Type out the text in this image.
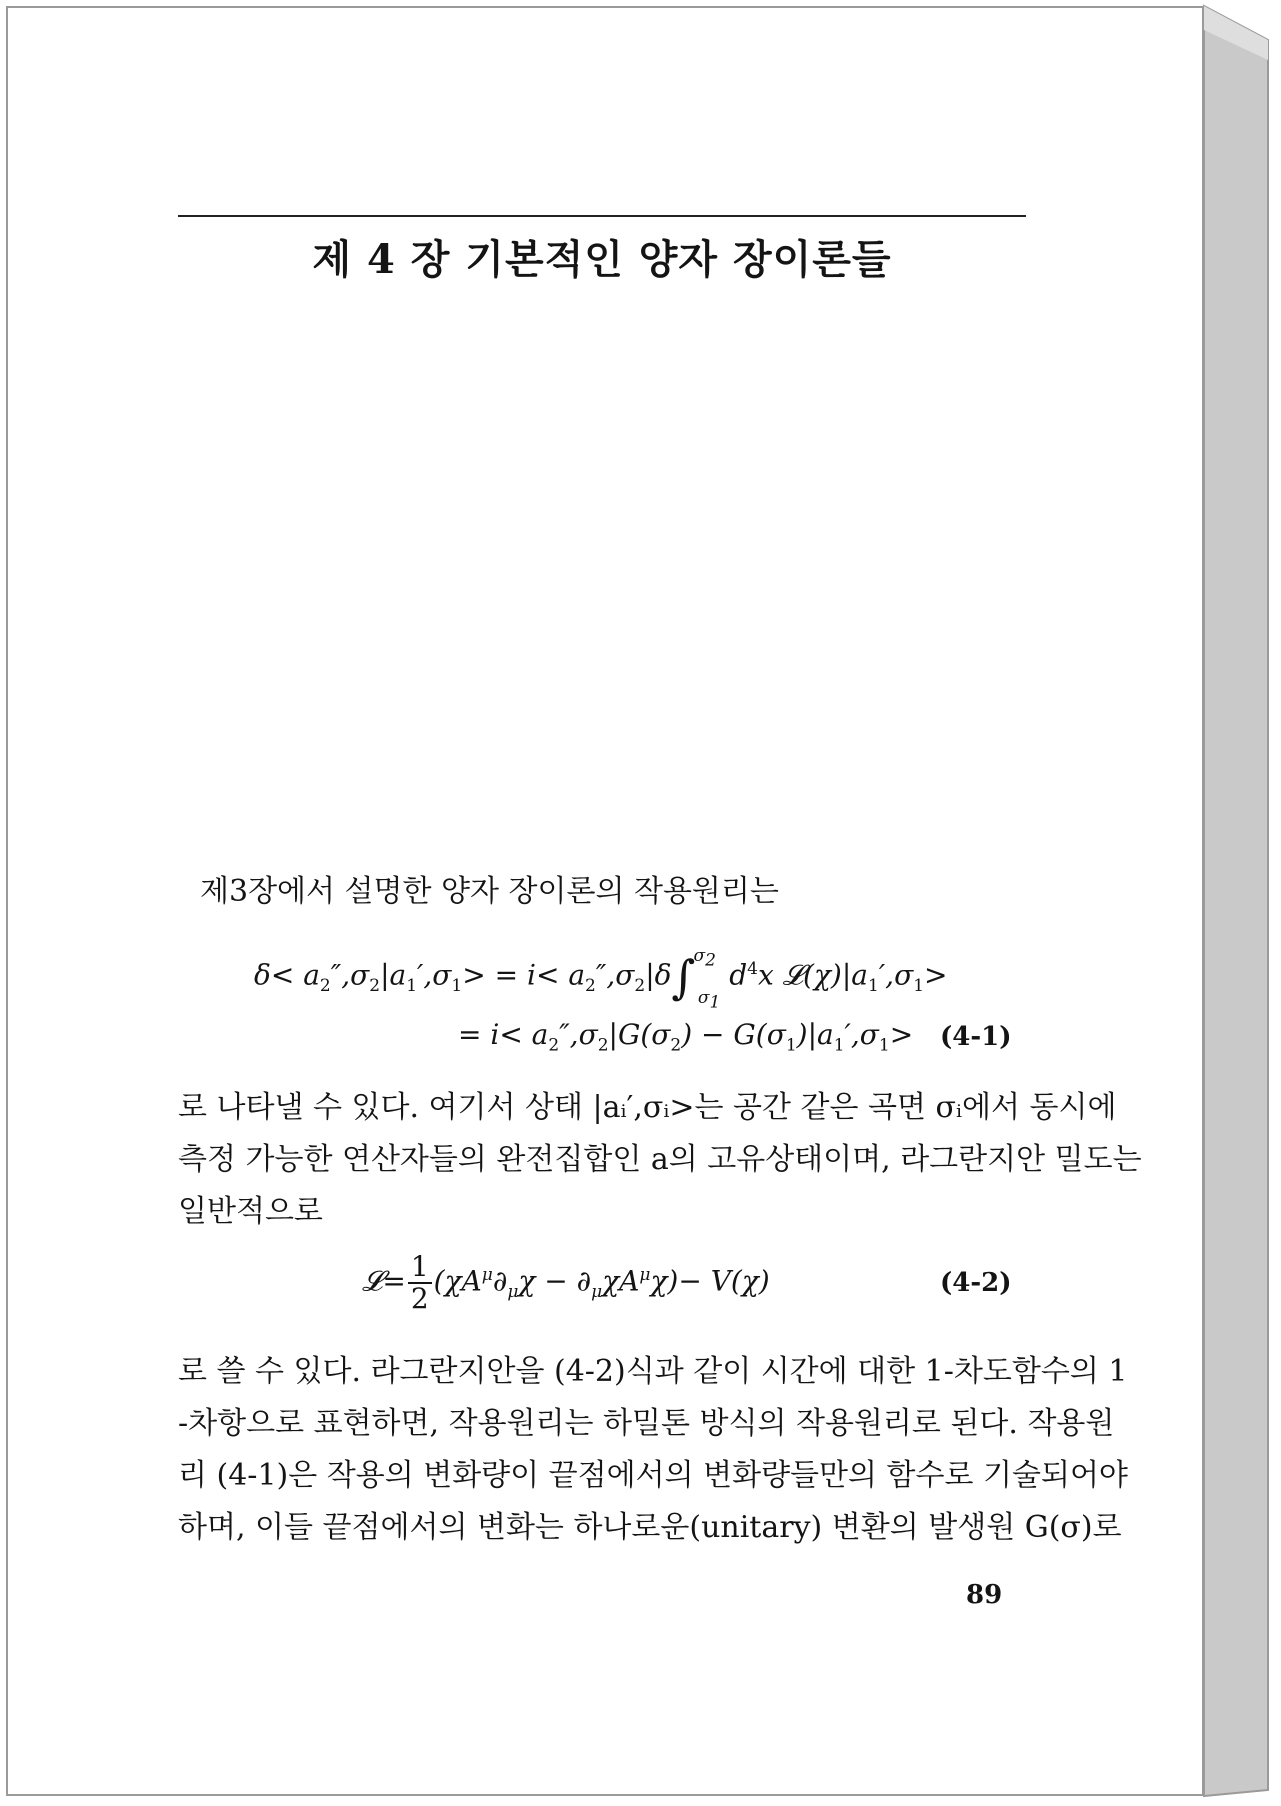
제 4 장 기본적인 양자 장이론들
제3장에서 설명한 양자 장이론의 작용원리는
$\delta< a_2'',\sigma_2|a_1',\sigma_1> = i< a_2'',\sigma_2|\delta\int^{\sigma_2}_{\sigma_1}$ $d^4x$ $𝓛(\chi)|a_1',\sigma_1>$
= $i< a_2'',\sigma_2|G(\sigma_2) - G(\sigma_1)|a_1',\sigma_1> (4-1)$
로 나타낼 수 있다. 여기서 상태 |aᵢ′,σᵢ>는 공간 같은 곡면 σᵢ에서 동시에
측정 가능한 연산자들의 완전집합인 a의 고유상태이며, 라그란지안 밀도는
일반적으로
𝓛= $\frac{1}{2} (\chi A^\mu\partial_\mu\chi - \partial_\mu\chi A^\mu\chi)- V(\chi)$	(4-2)
로 쓸 수 있다. 라그란지안을 (4-2)식과 같이 시간에 대한 1-차도함수의 1
-차항으로 표현하면, 작용원리는 하밀톤 방식의 작용원리로 된다. 작용원
리 (4-1)은 작용의 변화량이 끝점에서의 변화량들만의 함수로 기술되어야
하며, 이들 끝점에서의 변화는 하나로운(unitary) 변환의 발생원 G(σ)로
89
